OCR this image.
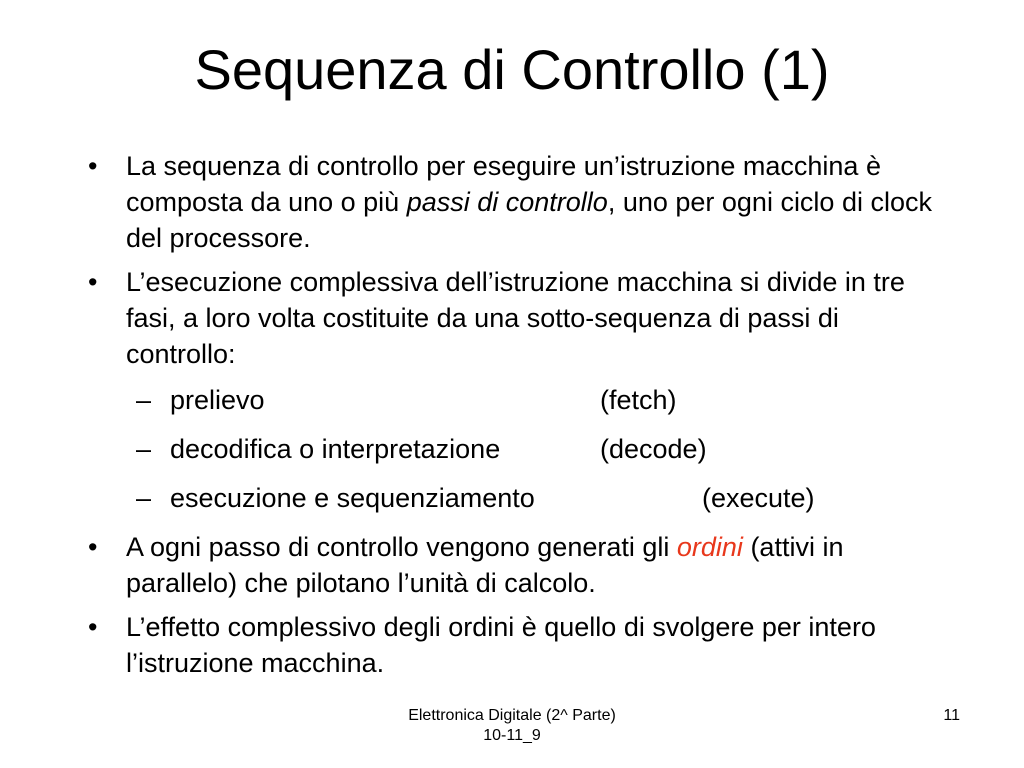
Sequenza di Controllo (1)
• La sequenza di controllo per eseguire un’istruzione macchina è composta da uno o più passi di controllo, uno per ogni ciclo di clock del processore.
• L’esecuzione complessiva dell’istruzione macchina si divide in tre fasi, a loro volta costituite da una sotto-sequenza di passi di controllo:
– prelievo	(fetch)
– decodifica o interpretazione	(decode)
– esecuzione e sequenziamento	(execute)
• A ogni passo di controllo vengono generati gli ordini (attivi in parallelo) che pilotano l’unità di calcolo.
• L’effetto complessivo degli ordini è quello di svolgere per intero l’istruzione macchina.
Elettronica Digitale (2^ Parte)
10-11_9
11
